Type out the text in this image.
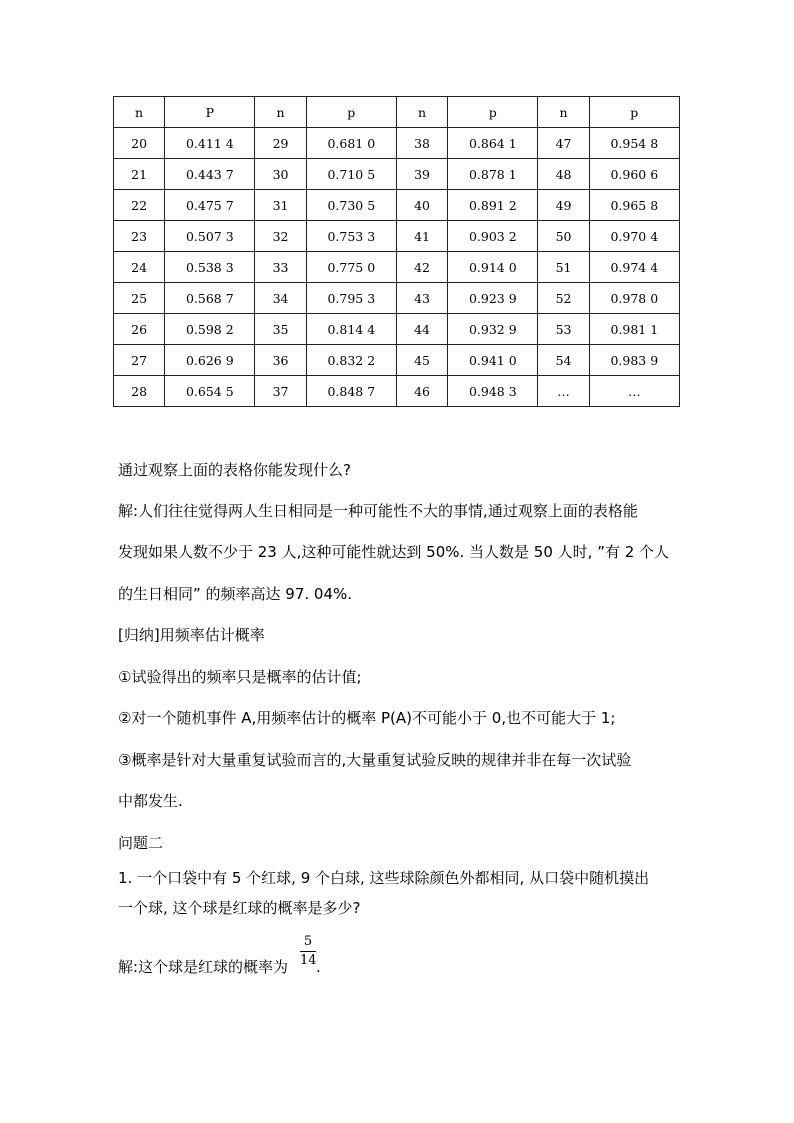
n	P	n	p	n	p	n	p
20	0.411 4	29	0.681 0	38	0.864 1	47	0.954 8
21	0.443 7	30	0.710 5	39	0.878 1	48	0.960 6
22	0.475 7	31	0.730 5	40	0.891 2	49	0.965 8
23	0.507 3	32	0.753 3	41	0.903 2	50	0.970 4
24	0.538 3	33	0.775 0	42	0.914 0	51	0.974 4
25	0.568 7	34	0.795 3	43	0.923 9	52	0.978 0
26	0.598 2	35	0.814 4	44	0.932 9	53	0.981 1
27	0.626 9	36	0.832 2	45	0.941 0	54	0.983 9
28	0.654 5	37	0.848 7	46	0.948 3	…	…
通过观察上面的表格你能发现什么?
解:人们往往觉得两人生日相同是一种可能性不大的事情,通过观察上面的表格能
发现如果人数不少于 23 人,这种可能性就达到 50%. 当人数是 50 人时, ”有 2 个人
的生日相同” 的频率高达 97. 04%.
[归纳]用频率估计概率
①试验得出的频率只是概率的估计值;
②对一个随机事件 A,用频率估计的概率 P(A)不可能小于 0,也不可能大于 1;
③概率是针对大量重复试验而言的,大量重复试验反映的规律并非在每一次试验
中都发生.
问题二
1. 一个口袋中有 5 个红球, 9 个白球, 这些球除颜色外都相同, 从口袋中随机摸出
一个球, 这个球是红球的概率是多少?
解:这个球是红球的概率为
5
14 .
